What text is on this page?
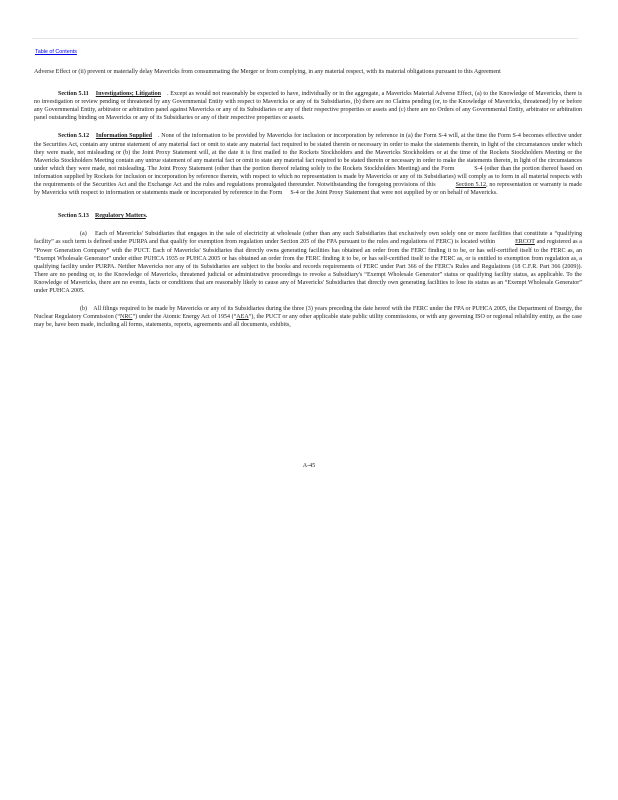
Table of Contents

Adverse Effect or (ii) prevent or materially delay Mavericks from consummating the Merger or from complying, in any material respect, with its material obligations pursuant to this Agreement

Section 5.11 Investigations; Litigation . Except as would not reasonably be expected to have, individually or in the aggregate, a Mavericks Material Adverse Effect, (a) to the Knowledge of Mavericks, there is no investigation or review pending or threatened by any Governmental Entity with respect to Mavericks or any of its Subsidiaries, (b) there are no Claims pending (or, to the Knowledge of Mavericks, threatened) by or before any Governmental Entity, arbitrator or arbitration panel against Mavericks or any of its Subsidiaries or any of their respective properties or assets and (c) there are no Orders of any Governmental Entity, arbitrator or arbitration panel outstanding binding on Mavericks or any of its Subsidiaries or any of their respective properties or assets.

Section 5.12 Information Supplied . None of the information to be provided by Mavericks for inclusion or incorporation by reference in (a) the Form S-4 will, at the time the Form S-4 becomes effective under the Securities Act, contain any untrue statement of any material fact or omit to state any material fact required to be stated therein or necessary in order to make the statements therein, in light of the circumstances under which they were made, not misleading or (b) the Joint Proxy Statement will, at the date it is first mailed to the Rockets Stockholders and the Mavericks Stockholders or at the time of the Rockets Stockholders Meeting or the Mavericks Stockholders Meeting contain any untrue statement of any material fact or omit to state any material fact required to be stated therein or necessary in order to make the statements therein, in light of the circumstances under which they were made, not misleading. The Joint Proxy Statement (other than the portion thereof relating solely to the Rockets Stockholders Meeting) and the Form	S-4 (other than the portion thereof based on information supplied by Rockets for inclusion or incorporation by reference therein, with respect to which no representation is made by Mavericks or any of its Subsidiaries) will comply as to form in all material respects with the requirements of the Securities Act and the Exchange Act and the rules and regulations promulgated thereunder. Notwithstanding the foregoing provisions of this	Section 5.12, no representation or warranty is made by Mavericks with respect to information or statements made or incorporated by reference in the Form S-4 or the Joint Proxy Statement that were not supplied by or on behalf of Mavericks.

Section 5.13 Regulatory Matters.

(a) Each of Mavericks' Subsidiaries that engages in the sale of electricity at wholesale (other than any such Subsidiaries that exclusively own solely one or more facilities that constitute a “qualifying facility” as such term is defined under PURPA and that qualify for exemption from regulation under Section 205 of the FPA pursuant to the rules and regulations of FERC) is located within	ERCOT and registered as a “Power Generation Company” with the PUCT. Each of Mavericks' Subsidiaries that directly owns generating facilities has obtained an order from the FERC finding it to be, or has self-certified itself to the FERC as, an “Exempt Wholesale Generator” under either PUHCA 1935 or PUHCA 2005 or has obtained an order from the FERC finding it to be, or has self-certified itself to the FERC as, or is entitled to exemption from regulation as, a qualifying facility under PURPA. Neither Mavericks nor any of its Subsidiaries are subject to the books and records requirements of FERC under Part 366 of the FERC's Rules and Regulations (18 C.F.R. Part 366 (2009)). There are no pending or, to the Knowledge of Mavericks, threatened judicial or administrative proceedings to revoke a Subsidiary's “Exempt Wholesale Generator” status or qualifying facility status, as applicable. To the Knowledge of Mavericks, there are no events, facts or conditions that are reasonably likely to cause any of Mavericks' Subsidiaries that directly own generating facilities to lose its status as an “Exempt Wholesale Generator” under PUHCA 2005.

(b) All filings required to be made by Mavericks or any of its Subsidiaries during the three (3) years preceding the date hereof with the FERC under the FPA or PUHCA 2005, the Department of Energy, the Nuclear Regulatory Commission (“NRC”) under the Atomic Energy Act of 1954 (“AEA”), the PUCT or any other applicable state public utility commissions, or with any governing ISO or regional reliability entity, as the case may be, have been made, including all forms, statements, reports, agreements and all documents, exhibits,

A-45
